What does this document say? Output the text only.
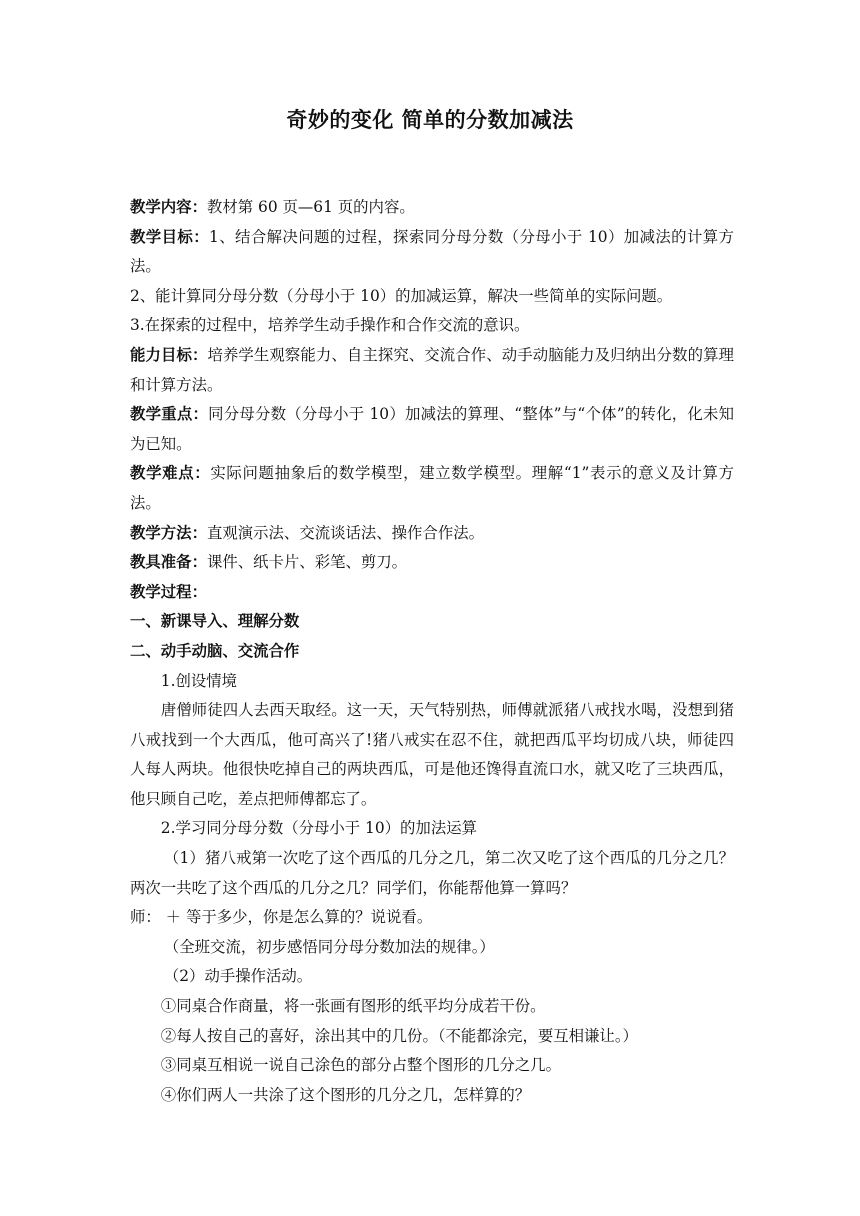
奇妙的变化 简单的分数加减法

教学内容：教材第 60 页—61 页的内容。

教学目标：1、结合解决问题的过程，探索同分母分数（分母小于 10）加减法的计算方法。

2、能计算同分母分数（分母小于 10）的加减运算，解决一些简单的实际问题。

3.在探索的过程中，培养学生动手操作和合作交流的意识。

能力目标：培养学生观察能力、自主探究、交流合作、动手动脑能力及归纳出分数的算理和计算方法。

教学重点：同分母分数（分母小于 10）加减法的算理、“整体”与“个体”的转化，化未知为已知。

教学难点：实际问题抽象后的数学模型，建立数学模型。理解“1”表示的意义及计算方法。

教学方法：直观演示法、交流谈话法、操作合作法。

教具准备：课件、纸卡片、彩笔、剪刀。

教学过程：

一、新课导入、理解分数

二、动手动脑、交流合作

1.创设情境

唐僧师徒四人去西天取经。这一天，天气特别热，师傅就派猪八戒找水喝，没想到猪八戒找到一个大西瓜，他可高兴了!猪八戒实在忍不住，就把西瓜平均切成八块，师徒四人每人两块。他很快吃掉自己的两块西瓜，可是他还馋得直流口水，就又吃了三块西瓜，他只顾自己吃，差点把师傅都忘了。

2.学习同分母分数（分母小于 10）的加法运算

（1）猪八戒第一次吃了这个西瓜的几分之几，第二次又吃了这个西瓜的几分之几？两次一共吃了这个西瓜的几分之几？同学们，你能帮他算一算吗？

师： ＋ 等于多少，你是怎么算的？说说看。

（全班交流，初步感悟同分母分数加法的规律。）

（2）动手操作活动。

①同桌合作商量，将一张画有图形的纸平均分成若干份。

②每人按自己的喜好，涂出其中的几份。（不能都涂完，要互相谦让。）

③同桌互相说一说自己涂色的部分占整个图形的几分之几。

④你们两人一共涂了这个图形的几分之几，怎样算的？
